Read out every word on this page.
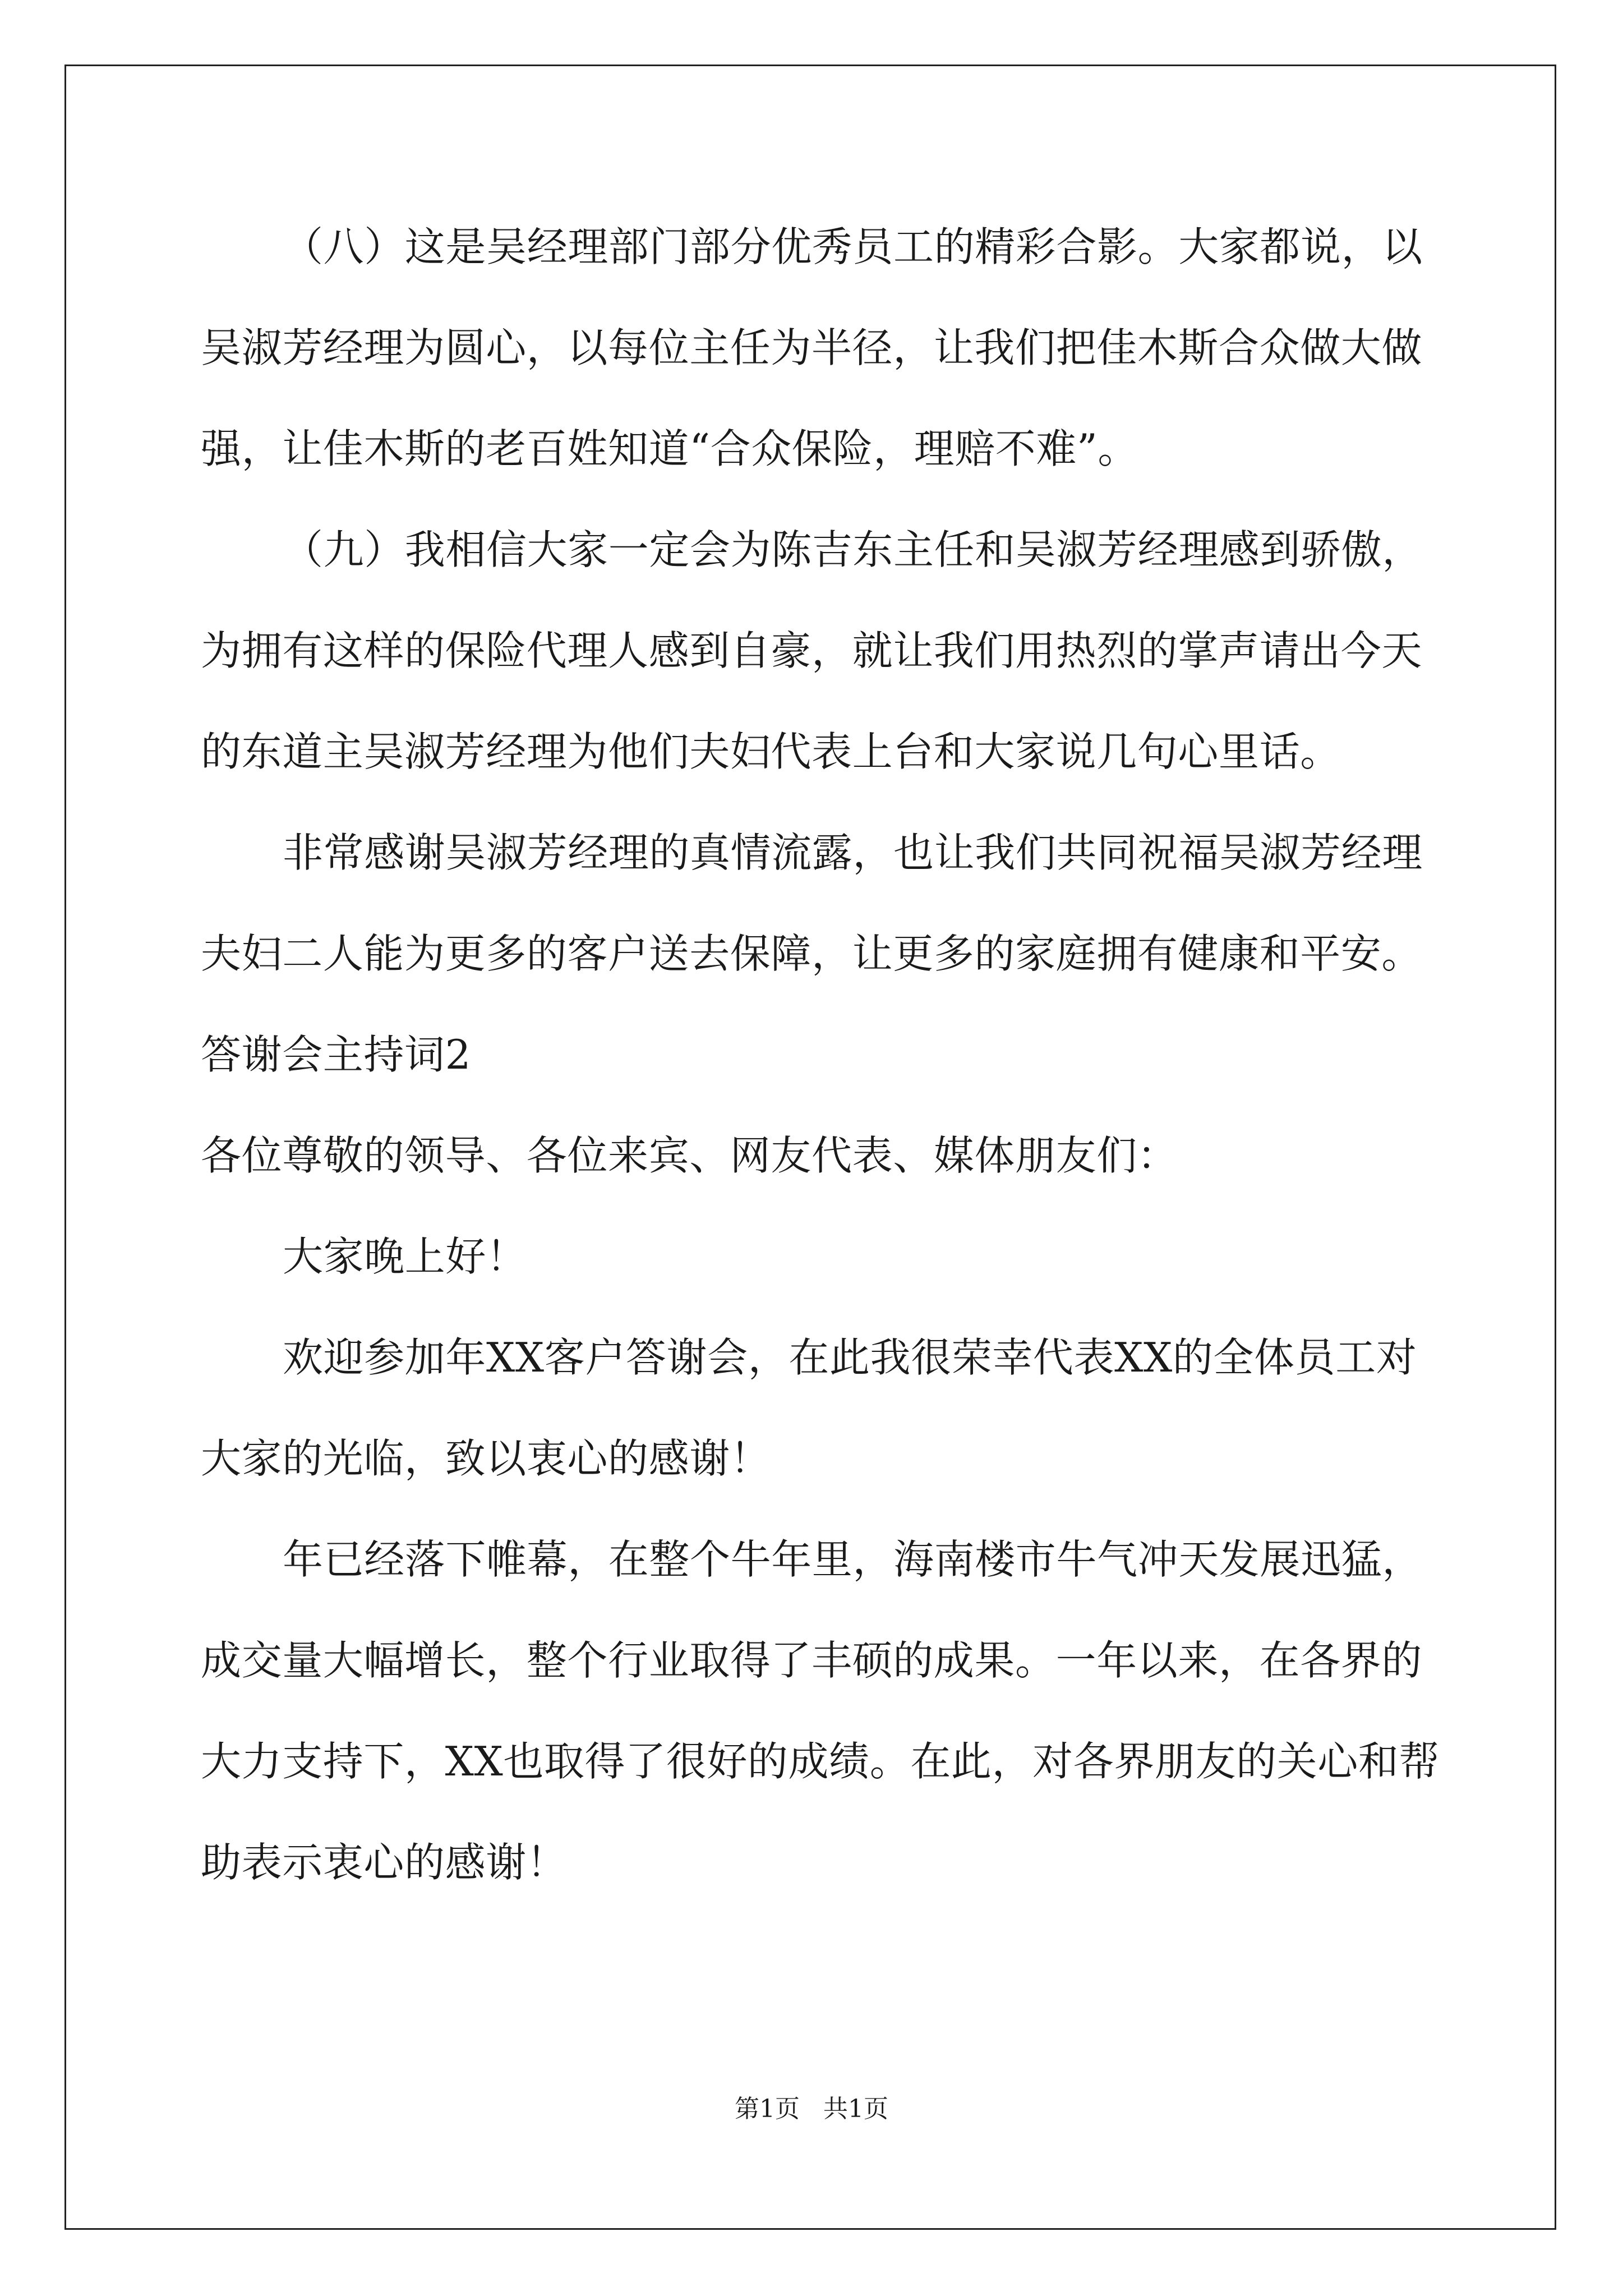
（八）这是吴经理部门部分优秀员工的精彩合影。大家都说，以
吴淑芳经理为圆心，以每位主任为半径，让我们把佳木斯合众做大做
强，让佳木斯的老百姓知道“合众保险，理赔不难”。
（九）我相信大家一定会为陈吉东主任和吴淑芳经理感到骄傲，
为拥有这样的保险代理人感到自豪，就让我们用热烈的掌声请出今天
的东道主吴淑芳经理为他们夫妇代表上台和大家说几句心里话。
非常感谢吴淑芳经理的真情流露，也让我们共同祝福吴淑芳经理
夫妇二人能为更多的客户送去保障，让更多的家庭拥有健康和平安。
答谢会主持词2
各位尊敬的领导、各位来宾、网友代表、媒体朋友们：
大家晚上好！
欢迎参加年XX客户答谢会，在此我很荣幸代表XX的全体员工对
大家的光临，致以衷心的感谢！
年已经落下帷幕，在整个牛年里，海南楼市牛气冲天发展迅猛，
成交量大幅增长，整个行业取得了丰硕的成果。一年以来，在各界的
大力支持下，XX也取得了很好的成绩。在此，对各界朋友的关心和帮
助表示衷心的感谢！
第1页   共1页
